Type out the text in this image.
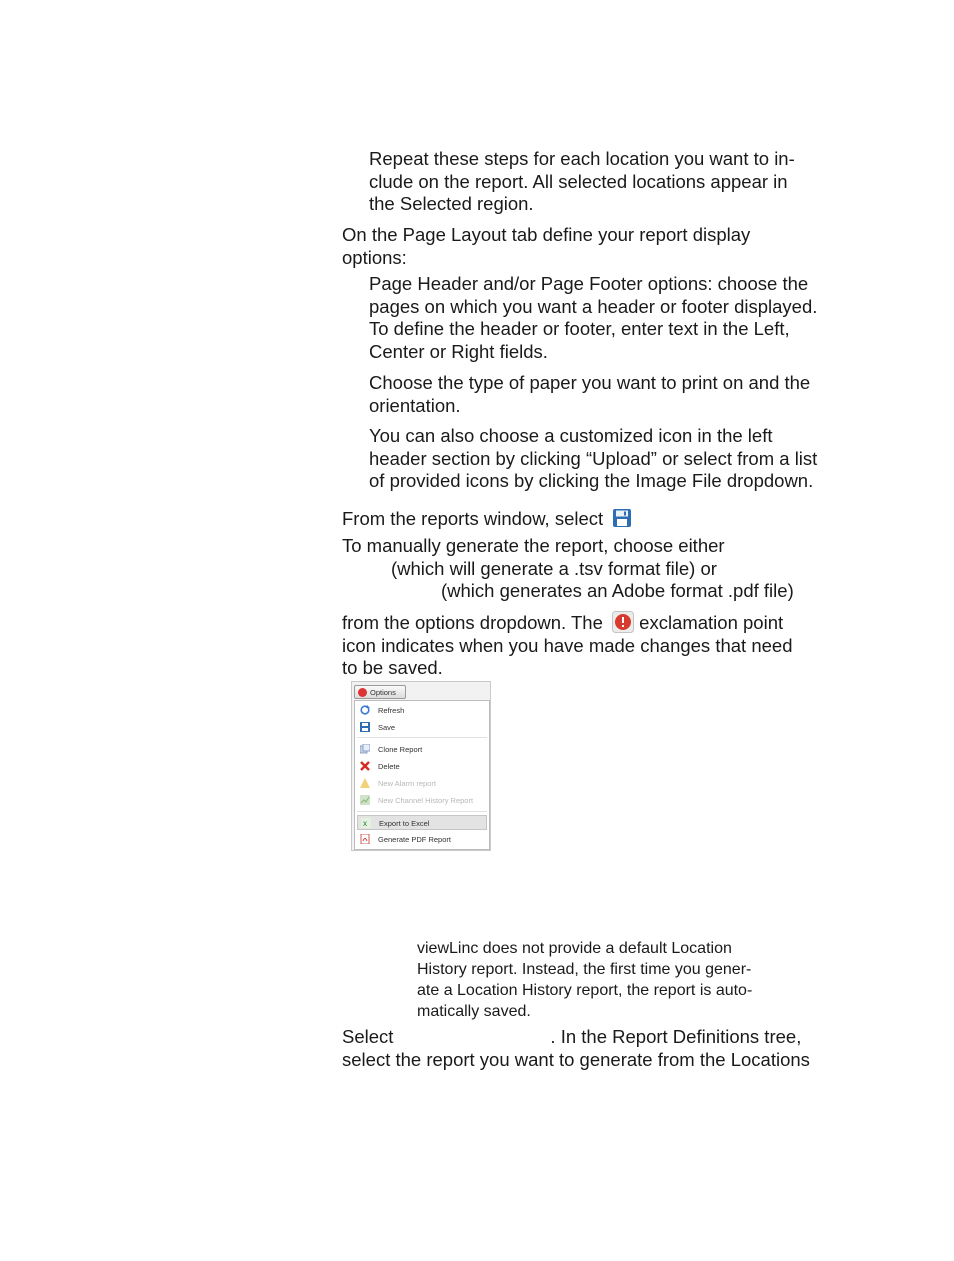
Repeat these steps for each location you want to in-
clude on the report. All selected locations appear in
the Selected region.
On the Page Layout tab define your report display
options:
Page Header and/or Page Footer options: choose the
pages on which you want a header or footer displayed.
To define the header or footer, enter text in the Left,
Center or Right fields.
Choose the type of paper you want to print on and the
orientation.
You can also choose a customized icon in the left
header section by clicking “Upload” or select from a list
of provided icons by clicking the Image File dropdown.
From the reports window, select
To manually generate the report, choose either
(which will generate a .tsv format file) or
(which generates an Adobe format .pdf file)
from the options dropdown. The exclamation point
icon indicates when you have made changes that need
to be saved.
Options
Refresh
Save
Clone Report
Delete
New Alarm report
New Channel History Report
x Export to Excel
Generate PDF Report
viewLinc does not provide a default Location
History report. Instead, the first time you gener-
ate a Location History report, the report is auto-
matically saved.
Select	. In the Report Definitions tree,
select the report you want to generate from the Locations
